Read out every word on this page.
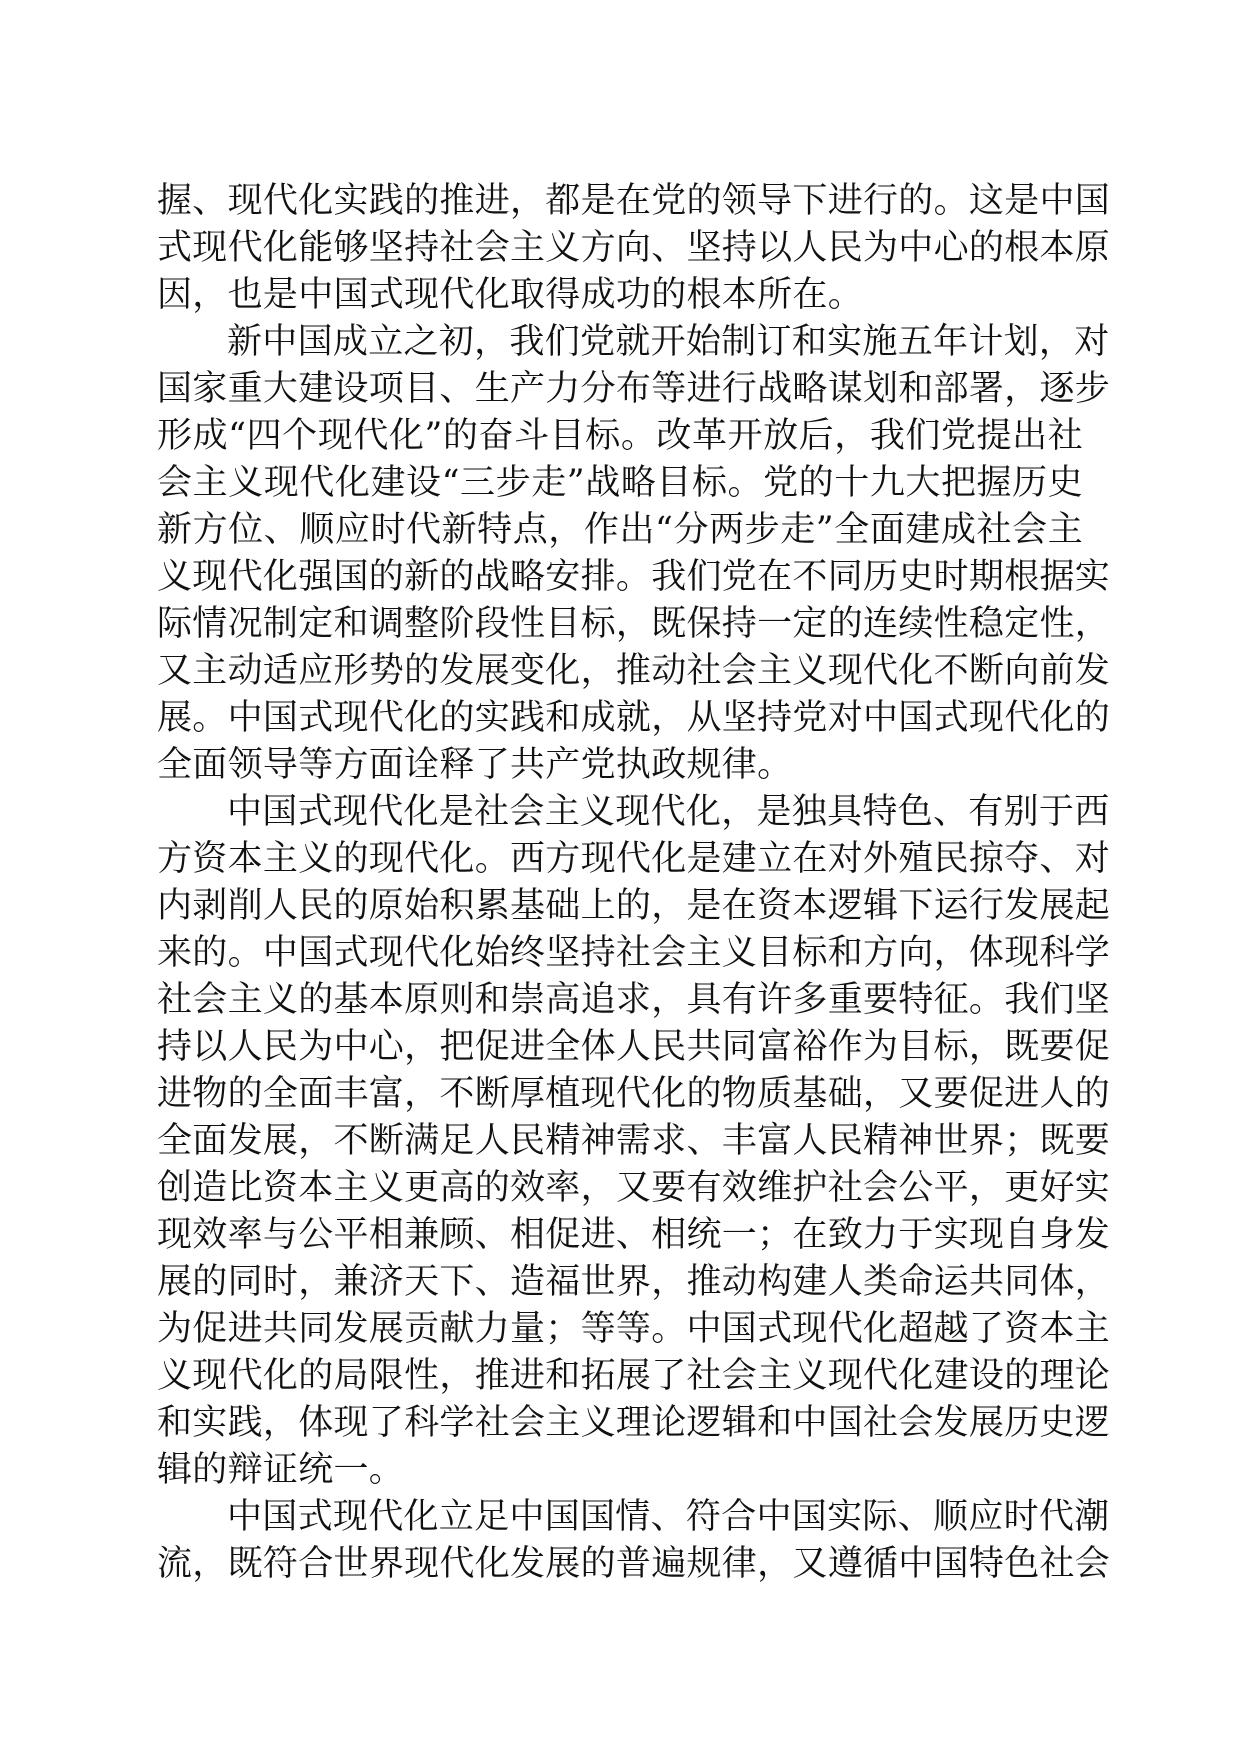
握、现代化实践的推进，都是在党的领导下进行的。这是中国
式现代化能够坚持社会主义方向、坚持以人民为中心的根本原
因，也是中国式现代化取得成功的根本所在。
新中国成立之初，我们党就开始制订和实施五年计划，对
国家重大建设项目、生产力分布等进行战略谋划和部署，逐步
形成“四个现代化”的奋斗目标。改革开放后，我们党提出社
会主义现代化建设“三步走”战略目标。党的十九大把握历史
新方位、顺应时代新特点，作出“分两步走”全面建成社会主
义现代化强国的新的战略安排。我们党在不同历史时期根据实
际情况制定和调整阶段性目标，既保持一定的连续性稳定性，
又主动适应形势的发展变化，推动社会主义现代化不断向前发
展。中国式现代化的实践和成就，从坚持党对中国式现代化的
全面领导等方面诠释了共产党执政规律。
中国式现代化是社会主义现代化，是独具特色、有别于西
方资本主义的现代化。西方现代化是建立在对外殖民掠夺、对
内剥削人民的原始积累基础上的，是在资本逻辑下运行发展起
来的。中国式现代化始终坚持社会主义目标和方向，体现科学
社会主义的基本原则和崇高追求，具有许多重要特征。我们坚
持以人民为中心，把促进全体人民共同富裕作为目标，既要促
进物的全面丰富，不断厚植现代化的物质基础，又要促进人的
全面发展，不断满足人民精神需求、丰富人民精神世界；既要
创造比资本主义更高的效率，又要有效维护社会公平，更好实
现效率与公平相兼顾、相促进、相统一；在致力于实现自身发
展的同时，兼济天下、造福世界，推动构建人类命运共同体，
为促进共同发展贡献力量；等等。中国式现代化超越了资本主
义现代化的局限性，推进和拓展了社会主义现代化建设的理论
和实践，体现了科学社会主义理论逻辑和中国社会发展历史逻
辑的辩证统一。
中国式现代化立足中国国情、符合中国实际、顺应时代潮
流，既符合世界现代化发展的普遍规律，又遵循中国特色社会
